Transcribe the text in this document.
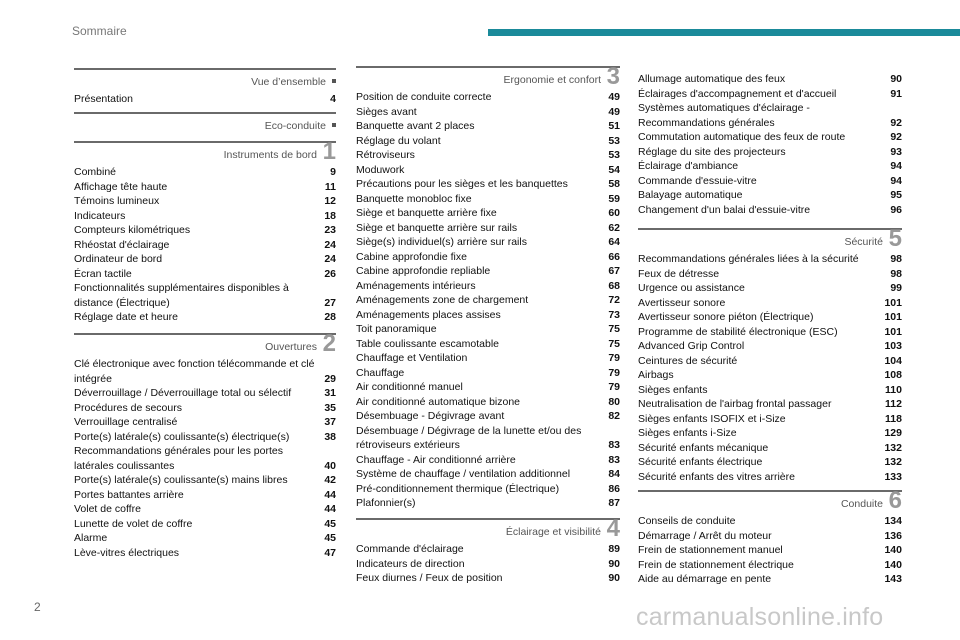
Sommaire
Vue d’ensemble
Présentation	4
Eco-conduite
Instruments de bord 1
Combiné	9
Affichage tête haute	11
Témoins lumineux	12
Indicateurs	18
Compteurs kilométriques	23
Rhéostat d'éclairage	24
Ordinateur de bord	24
Écran tactile	26
Fonctionnalités supplémentaires disponibles à distance (Électrique)	27
Réglage date et heure	28
Ouvertures 2
Clé électronique avec fonction télécommande et clé intégrée	29
Déverrouillage / Déverrouillage total ou sélectif	31
Procédures de secours	35
Verrouillage centralisé	37
Porte(s) latérale(s) coulissante(s) électrique(s)	38
Recommandations générales pour les portes latérales coulissantes	40
Porte(s) latérale(s) coulissante(s) mains libres	42
Portes battantes arrière	44
Volet de coffre	44
Lunette de volet de coffre	45
Alarme	45
Lève-vitres électriques	47
Ergonomie et confort 3
Position de conduite correcte	49
Sièges avant	49
Banquette avant 2 places	51
Réglage du volant	53
Rétroviseurs	53
Moduwork	54
Précautions pour les sièges et les banquettes	58
Banquette monobloc fixe	59
Siège et banquette arrière fixe	60
Siège et banquette arrière sur rails	62
Siège(s) individuel(s) arrière sur rails	64
Cabine approfondie fixe	66
Cabine approfondie repliable	67
Aménagements intérieurs	68
Aménagements zone de chargement	72
Aménagements places assises	73
Toit panoramique	75
Table coulissante escamotable	75
Chauffage et Ventilation	79
Chauffage	79
Air conditionné manuel	79
Air conditionné automatique bizone	80
Désembuage - Dégivrage avant	82
Désembuage / Dégivrage de la lunette et/ou des rétroviseurs extérieurs	83
Chauffage - Air conditionné arrière	83
Système de chauffage / ventilation additionnel	84
Pré-conditionnement thermique (Électrique)	86
Plafonnier(s)	87
Éclairage et visibilité 4
Commande d'éclairage	89
Indicateurs de direction	90
Feux diurnes / Feux de position	90
Allumage automatique des feux	90
Éclairages d'accompagnement et d'accueil	91
Systèmes automatiques d'éclairage - Recommandations générales	92
Commutation automatique des feux de route	92
Réglage du site des projecteurs	93
Éclairage d'ambiance	94
Commande d'essuie-vitre	94
Balayage automatique	95
Changement d'un balai d'essuie-vitre	96
Sécurité 5
Recommandations générales liées à la sécurité	98
Feux de détresse	98
Urgence ou assistance	99
Avertisseur sonore	101
Avertisseur sonore piéton (Électrique)	101
Programme de stabilité électronique (ESC)	101
Advanced Grip Control	103
Ceintures de sécurité	104
Airbags	108
Sièges enfants	110
Neutralisation de l'airbag frontal passager	112
Sièges enfants ISOFIX et i-Size	118
Sièges enfants i-Size	129
Sécurité enfants mécanique	132
Sécurité enfants électrique	132
Sécurité enfants des vitres arrière	133
Conduite 6
Conseils de conduite	134
Démarrage / Arrêt du moteur	136
Frein de stationnement manuel	140
Frein de stationnement électrique	140
Aide au démarrage en pente	143
2	carmanualsonline.info
